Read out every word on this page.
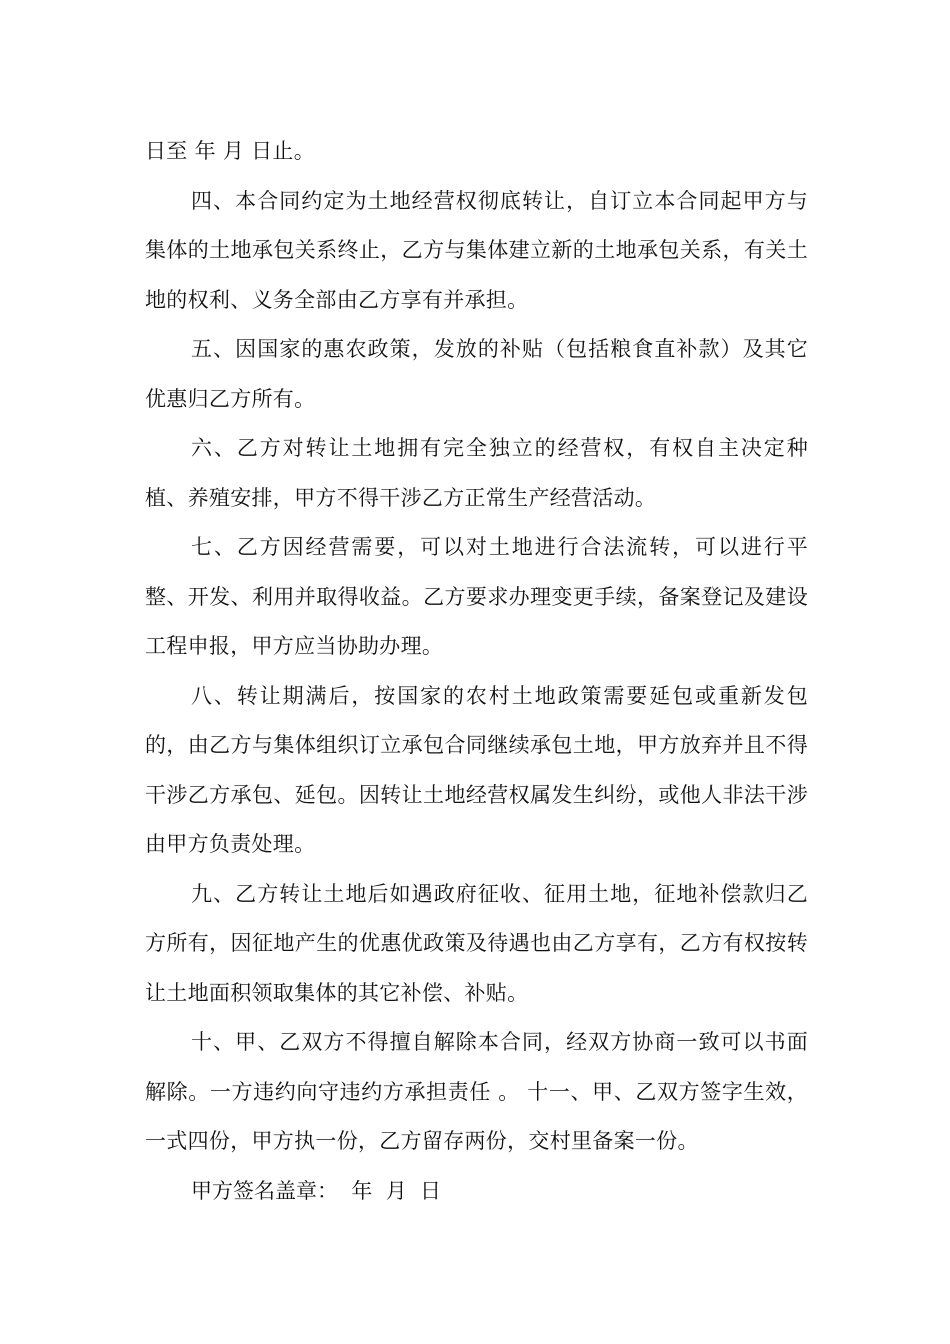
日至 年 月 日止。

四、本合同约定为土地经营权彻底转让，自订立本合同起甲方与集体的土地承包关系终止，乙方与集体建立新的土地承包关系，有关土地的权利、义务全部由乙方享有并承担。

五、因国家的惠农政策，发放的补贴（包括粮食直补款）及其它优惠归乙方所有。

六、乙方对转让土地拥有完全独立的经营权，有权自主决定种植、养殖安排，甲方不得干涉乙方正常生产经营活动。

七、乙方因经营需要，可以对土地进行合法流转，可以进行平整、开发、利用并取得收益。乙方要求办理变更手续，备案登记及建设工程申报，甲方应当协助办理。

八、转让期满后，按国家的农村土地政策需要延包或重新发包的，由乙方与集体组织订立承包合同继续承包土地，甲方放弃并且不得干涉乙方承包、延包。因转让土地经营权属发生纠纷，或他人非法干涉由甲方负责处理。

九、乙方转让土地后如遇政府征收、征用土地，征地补偿款归乙方所有，因征地产生的优惠优政策及待遇也由乙方享有，乙方有权按转让土地面积领取集体的其它补偿、补贴。

十、甲、乙双方不得擅自解除本合同，经双方协商一致可以书面解除。一方违约向守违约方承担责任 。 十一、甲、乙双方签字生效，一式四份，甲方执一份，乙方留存两份，交村里备案一份。

甲方签名盖章：  年  月  日
